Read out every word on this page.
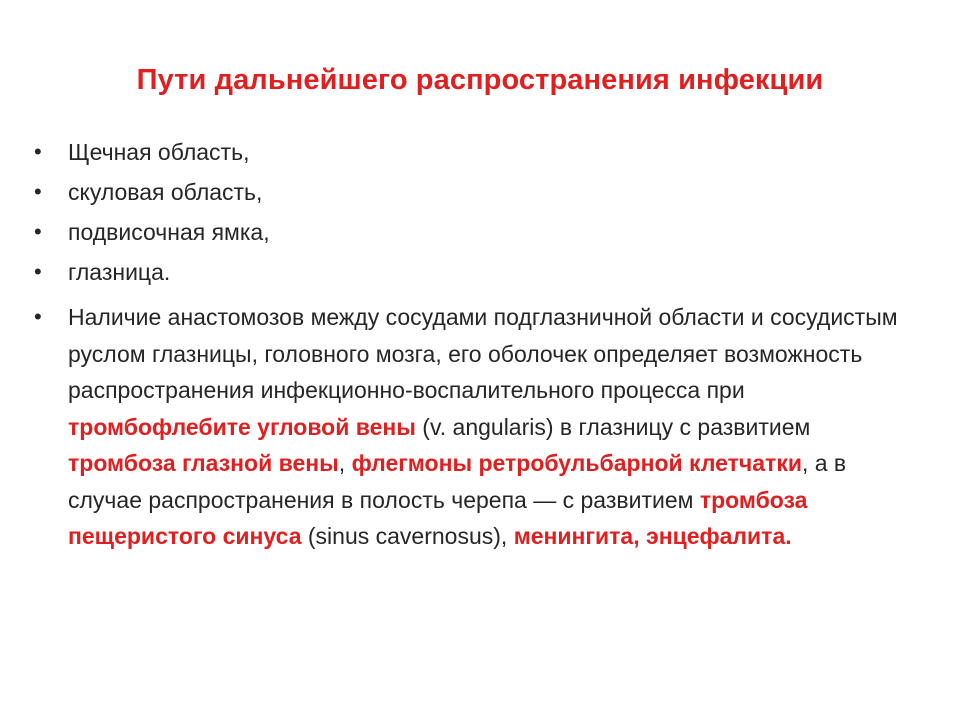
Пути дальнейшего распространения инфекции
•	Щечная область,
•	скуловая область,
•	подвисочная ямка,
•	глазница.
•	Наличие анастомозов между сосудами подглазничной области и сосудистым руслом глазницы, головного мозга, его оболочек определяет возможность распространения инфекционно-воспалительного процесса при тромбофлебите угловой вены (v. angularis) в глазницу с развитием тромбоза глазной вены, флегмоны ретробульбарной клетчатки, а в случае распространения в полость черепа — с развитием тромбоза пещеристого синуса (sinus cavernosus), менингита, энцефалита.
